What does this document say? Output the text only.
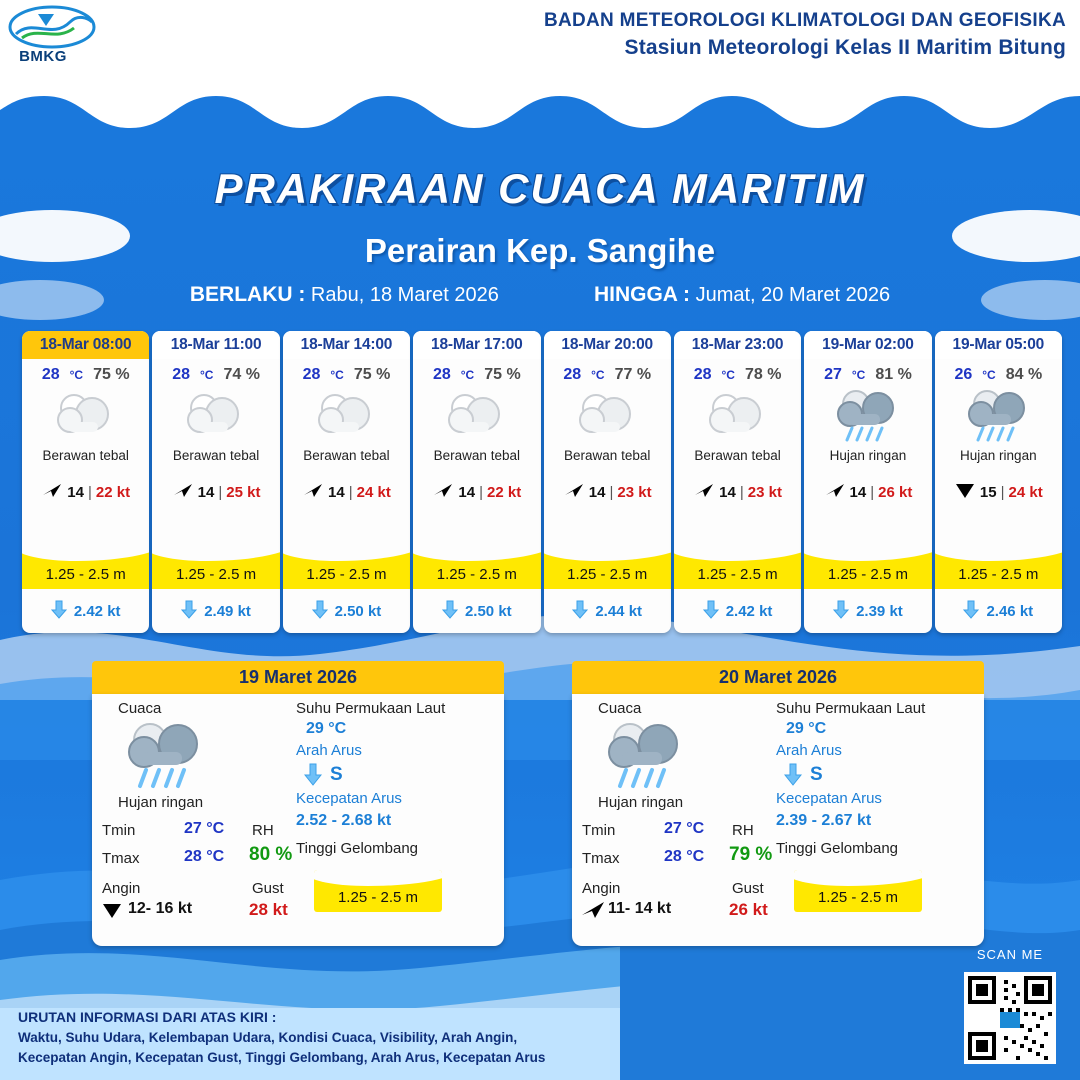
BMKG
BADAN METEOROLOGI KLIMATOLOGI DAN GEOFISIKA
Stasiun Meteorologi Kelas II Maritim Bitung
PRAKIRAAN CUACA MARITIM
Perairan Kep. Sangihe
BERLAKU : Rabu, 18 Maret 2026	HINGGA : Jumat, 20 Maret 2026
18-Mar 08:00
28 °C 75 %
Berawan tebal
14 | 22 kt
1.25 - 2.5 m
2.42 kt
18-Mar 11:00
28 °C 74 %
Berawan tebal
14 | 25 kt
1.25 - 2.5 m
2.49 kt
18-Mar 14:00
28 °C 75 %
Berawan tebal
14 | 24 kt
1.25 - 2.5 m
2.50 kt
18-Mar 17:00
28 °C 75 %
Berawan tebal
14 | 22 kt
1.25 - 2.5 m
2.50 kt
18-Mar 20:00
28 °C 77 %
Berawan tebal
14 | 23 kt
1.25 - 2.5 m
2.44 kt
18-Mar 23:00
28 °C 78 %
Berawan tebal
14 | 23 kt
1.25 - 2.5 m
2.42 kt
19-Mar 02:00
27 °C 81 %
Hujan ringan
14 | 26 kt
1.25 - 2.5 m
2.39 kt
19-Mar 05:00
26 °C 84 %
Hujan ringan
15 | 24 kt
1.25 - 2.5 m
2.46 kt
19 Maret 2026
Cuaca
Hujan ringan
Tmin	27 °C
Tmax	28 °C
Angin
12- 16 kt
RH
80 %
Gust
28 kt
Suhu Permukaan Laut
29 °C
Arah Arus
S
Kecepatan Arus
2.52 - 2.68 kt
Tinggi Gelombang
1.25 - 2.5 m
20 Maret 2026
Cuaca
Hujan ringan
Tmin	27 °C
Tmax	28 °C
Angin
11- 14 kt
RH
79 %
Gust
26 kt
Suhu Permukaan Laut
29 °C
Arah Arus
S
Kecepatan Arus
2.39 - 2.67 kt
Tinggi Gelombang
1.25 - 2.5 m
URUTAN INFORMASI DARI ATAS KIRI :
Waktu, Suhu Udara, Kelembapan Udara, Kondisi Cuaca, Visibility, Arah Angin,
Kecepatan Angin, Kecepatan Gust, Tinggi Gelombang, Arah Arus, Kecepatan Arus
SCAN ME
